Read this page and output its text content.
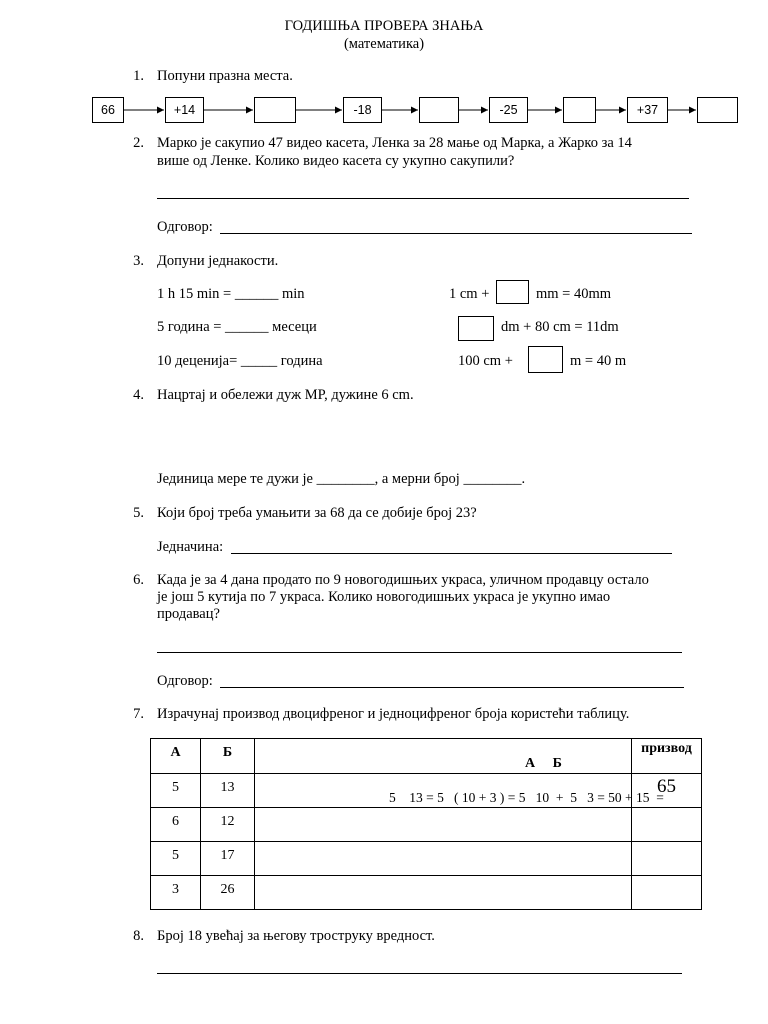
ГОДИШЊА ПРОВЕРА ЗНАЊА
(математика)
1. Попуни празна места.
66	+14	-18	-25	+37
2. Марко је сакупио 47 видео касета, Ленка за 28 мање од Марка, а Жарко за 14
више од Ленке. Колико видео касета су укупно сакупили?
Одговор:
3. Допуни једнакости.
1 h 15 min = ______ min
5 година = ______ месеци
10 деценија= _____ година
1 cm +	mm = 40mm
dm + 80 cm = 11dm
100 cm +	m = 40 m
4. Нацртај и обележи дуж MP, дужине 6 cm.
Јединица мере те дужи је ________, а мерни број ________.
5. Који број треба умањити за 68 да се добије број 23?
Једначина:
6. Када је за 4 дана продато по 9 новогодишњих украса, уличном продавцу остало
је још 5 кутија по 7 украса. Колико новогодишњих украса је укупно имао
продавац?
Одговор:
7. Израчунај производ двоцифреног и једноцифреног броја користећи таблицу.
А	Б	А     Б	призвод

5	13	5    13 = 5   ( 10 + 3 ) = 5   10  +  5   3 = 50 + 15  =	65

6	12		

5	17		

3	26		

8. Број 18 увећај за његову троструку вредност.
